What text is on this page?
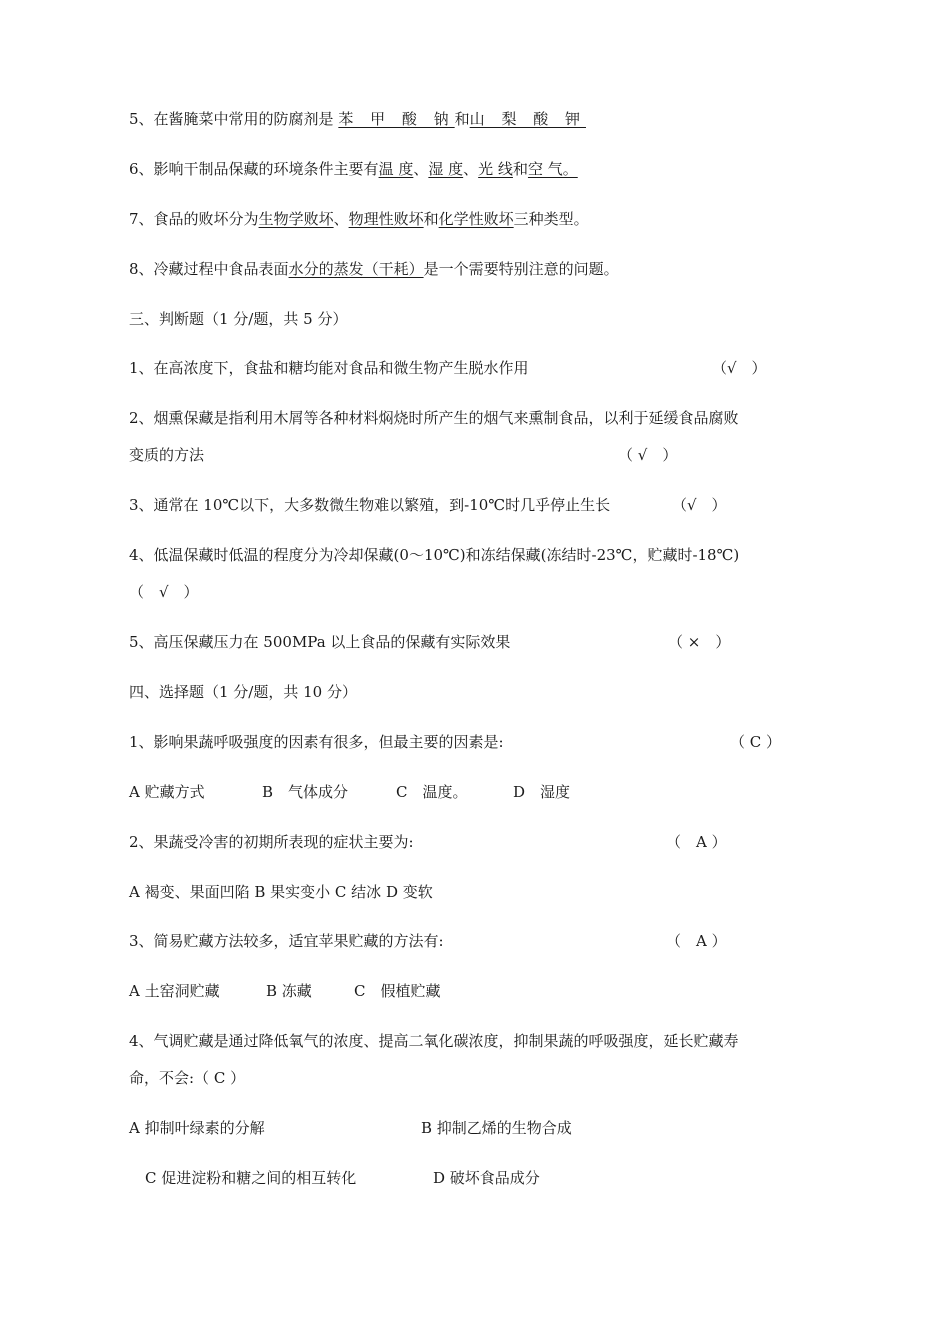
5、在酱腌菜中常用的防腐剂是 苯 甲 酸 钠和山 梨 酸 钾
6、影响干制品保藏的环境条件主要有温 度、湿 度、光 线和空 气。
7、食品的败坏分为生物学败坏、物理性败坏和化学性败坏三种类型。
8、冷藏过程中食品表面水分的蒸发（干耗）是一个需要特别注意的问题。
三、判断题（1 分/题，共 5 分）
1、在高浓度下，食盐和糖均能对食品和微生物产生脱水作用	（√　）
2、烟熏保藏是指利用木屑等各种材料焖烧时所产生的烟气来熏制食品，以利于延缓食品腐败
变质的方法	（ √　）
3、通常在 10℃以下，大多数微生物难以繁殖，到-10℃时几乎停止生长	（√　）
4、低温保藏时低温的程度分为冷却保藏(0～10℃)和冻结保藏(冻结时-23℃，贮藏时-18℃)
（　√　）
5、高压保藏压力在 500MPa 以上食品的保藏有实际效果	（ ×　）
四、选择题（1 分/题，共 10 分）
1、影响果蔬呼吸强度的因素有很多，但最主要的因素是:	（ C ）
A 贮藏方式	B　气体成分	C　温度。	D　湿度
2、果蔬受冷害的初期所表现的症状主要为:	（　A ）
A 褐变、果面凹陷 B 果实变小 C 结冰 D 变软
3、简易贮藏方法较多，适宜苹果贮藏的方法有:	（　A ）
A 土窑洞贮藏	B 冻藏	C　假植贮藏
4、气调贮藏是通过降低氧气的浓度、提高二氧化碳浓度，抑制果蔬的呼吸强度，延长贮藏寿
命，不会:（ C ）
A 抑制叶绿素的分解	B 抑制乙烯的生物合成
C 促进淀粉和糖之间的相互转化	D 破坏食品成分
